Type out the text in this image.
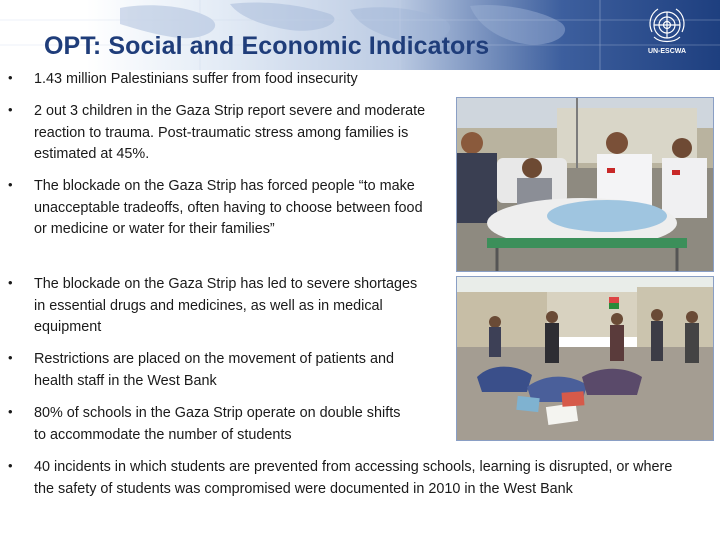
OPT: Social and Economic Indicators	UN-ESCWA
• 1.43 million Palestinians suffer from food insecurity
• 2 out 3 children in the Gaza Strip report severe and moderate reaction to trauma. Post-traumatic stress among families is estimated at 45%.
• The blockade on the Gaza Strip has forced people “to make unacceptable tradeoffs, often having to choose between food or medicine or water for their families”
• The blockade on the Gaza Strip has led to severe shortages in essential drugs and medicines, as well as in medical equipment
• Restrictions are placed on the movement of patients and health staff in the West Bank
• 80% of schools in the Gaza Strip operate on double shifts to accommodate the number of students
• 40 incidents in which students are prevented from accessing schools, learning is disrupted, or where the safety of students was compromised were documented in 2010 in the West Bank
